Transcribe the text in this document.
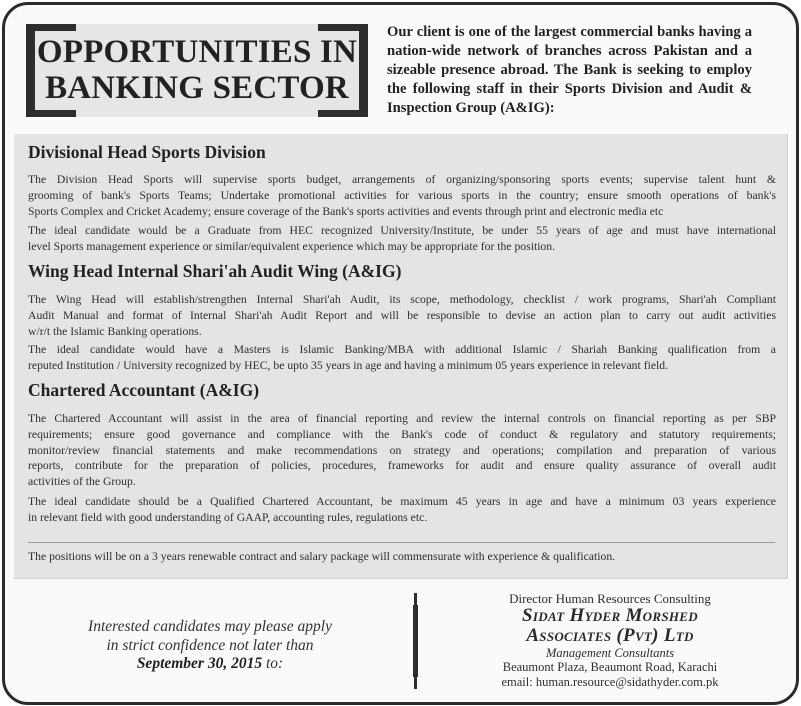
OPPORTUNITIES IN
BANKING SECTOR
Our client is one of the largest commercial banks having a
nation-wide network of branches across Pakistan and a
sizeable presence abroad. The Bank is seeking to employ
the following staff in their Sports Division and Audit &
Inspection Group (A&IG):
Divisional Head Sports Division
The Division Head Sports will supervise sports budget, arrangements of organizing/sponsoring sports events; supervise talent hunt &
grooming of bank's Sports Teams; Undertake promotional activities for various sports in the country; ensure smooth operations of bank's
Sports Complex and Cricket Academy; ensure coverage of the Bank's sports activities and events through print and electronic media etc
The ideal candidate would be a Graduate from HEC recognized University/Institute, be under 55 years of age and must have international
level Sports management experience or similar/equivalent experience which may be appropriate for the position.
Wing Head Internal Shari'ah Audit Wing (A&IG)
The Wing Head will establish/strengthen Internal Shari'ah Audit, its scope, methodology, checklist / work programs, Shari'ah Compliant
Audit Manual and format of Internal Shari'ah Audit Report and will be responsible to devise an action plan to carry out audit activities
w/r/t the Islamic Banking operations.
The ideal candidate would have a Masters is Islamic Banking/MBA with additional Islamic / Shariah Banking qualification from a
reputed Institution / University recognized by HEC, be upto 35 years in age and having a minimum 05 years experience in relevant field.
Chartered Accountant (A&IG)
The Chartered Accountant will assist in the area of financial reporting and review the internal controls on financial reporting as per SBP
requirements; ensure good governance and compliance with the Bank's code of conduct & regulatory and statutory requirements;
monitor/review financial statements and make recommendations on strategy and operations; compilation and preparation of various
reports, contribute for the preparation of policies, procedures, frameworks for audit and ensure quality assurance of overall audit
activities of the Group.
The ideal candidate should be a Qualified Chartered Accountant, be maximum 45 years in age and have a minimum 03 years experience
in relevant field with good understanding of GAAP, accounting rules, regulations etc.
The positions will be on a 3 years renewable contract and salary package will commensurate with experience & qualification.
Interested candidates may please apply
in strict confidence not later than
September 30, 2015 to:
Director Human Resources Consulting
Sidat Hyder Morshed
Associates (Pvt) Ltd
Management Consultants
Beaumont Plaza, Beaumont Road, Karachi
email: human.resource@sidathyder.com.pk
